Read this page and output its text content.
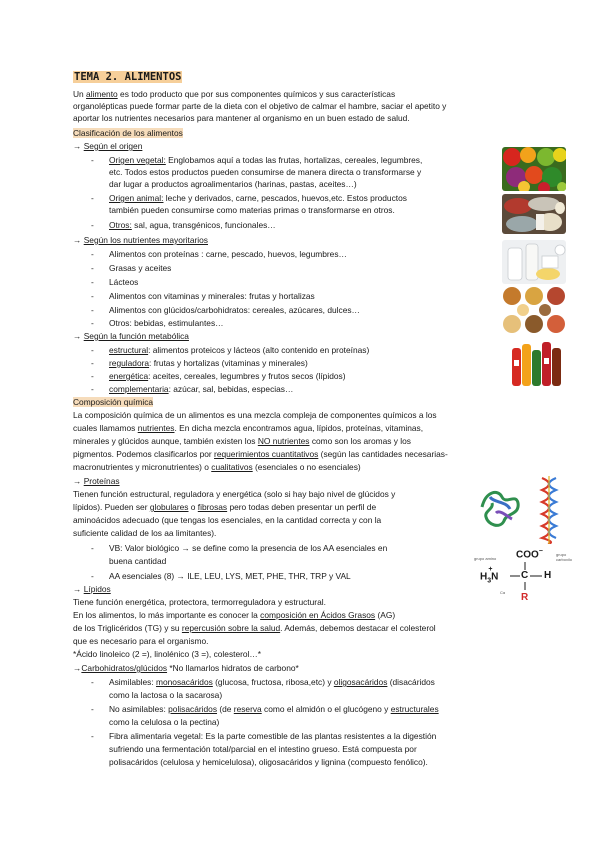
TEMA 2. ALIMENTOS
Un alimento es todo producto que por sus componentes químicos y sus características
organolépticas puede formar parte de la dieta con el objetivo de calmar el hambre, saciar el apetito y
aportar los nutrientes necesarios para mantener al organismo en un buen estado de salud.
Clasificación de los alimentos
→ Según el origen
- Origen vegetal: Englobamos aquí a todas las frutas, hortalizas, cereales, legumbres,
etc. Todos estos productos pueden consumirse de manera directa o transformarse y
dar lugar a productos agroalimentarios (harinas, pastas, aceites…)
- Origen animal: leche y derivados, carne, pescados, huevos,etc. Estos productos
también pueden consumirse como materias primas o transformarse en otros.
- Otros: sal, agua, transgénicos, funcionales…
→ Según los nutrientes mayoritarios
- Alimentos con proteínas : carne, pescado, huevos, legumbres…
- Grasas y aceites
- Lácteos
- Alimentos con vitaminas y minerales: frutas y hortalizas
- Alimentos con glúcidos/carbohidratos: cereales, azúcares, dulces…
- Otros: bebidas, estimulantes…
→ Según la función metabólica
- estructural: alimentos proteicos y lácteos (alto contenido en proteínas)
- reguladora: frutas y hortalizas (vitaminas y minerales)
- energética: aceites, cereales, legumbres y frutos secos (lípidos)
- complementaria: azúcar, sal, bebidas, especias…
Composición química
La composición química de un alimentos es una mezcla compleja de componentes químicos a los
cuales llamamos nutrientes. En dicha mezcla encontramos agua, lípidos, proteínas, vitaminas,
minerales y glúcidos aunque, también existen los NO nutrientes como son los aromas y los
pigmentos. Podemos clasificarlos por requerimientos cuantitativos (según las cantidades necesarias-
macronutrientes y micronutrientes) o cualitativos (esenciales o no esenciales)
→ Proteínas
Tienen función estructural, reguladora y energética (solo si hay bajo nivel de glúcidos y
lípidos). Pueden ser globulares o fibrosas pero todas deben presentar un perfil de
aminoácidos adecuado (que tengas los esenciales, en la cantidad correcta y con la
suficiente calidad de los aa limitantes).
- VB: Valor biológico → se define como la presencia de los AA esenciales en
buena cantidad
- AA esenciales (8) → ILE, LEU, LYS, MET, PHE, THR, TRP y VAL
→ Lípidos
Tiene función energética, protectora, termorreguladora y estructural.
En los alimentos, lo más importante es conocer la composición en Ácidos Grasos (AG)
de los Triglicéridos (TG) y su repercusión sobre la salud. Además, debemos destacar el colesterol
que es necesario para el organismo.
*Ácido linoleico (2 =), linolénico (3 =), colesterol…*
→Carbohidratos/glúcidos *No llamarlos hidratos de carbono*
- Asimilables: monosacáridos (glucosa, fructosa, ribosa,etc) y oligosacáridos (disacáridos
como la lactosa o la sacarosa)
- No asimilables: polisacáridos (de reserva como el almidón o el glucógeno y estructurales
como la celulosa o la pectina)
- Fibra alimentaria vegetal: Es la parte comestible de las plantas resistentes a la digestión
sufriendo una fermentación total/parcial en el intestino grueso. Está compuesta por
polisacáridos (celulosa y hemicelulosa), oligosacáridos y lignina (compuesto fenólico).
COO−	grupo carboxilo
grupo amino
$H_3N^+$
C H
R
Cα
